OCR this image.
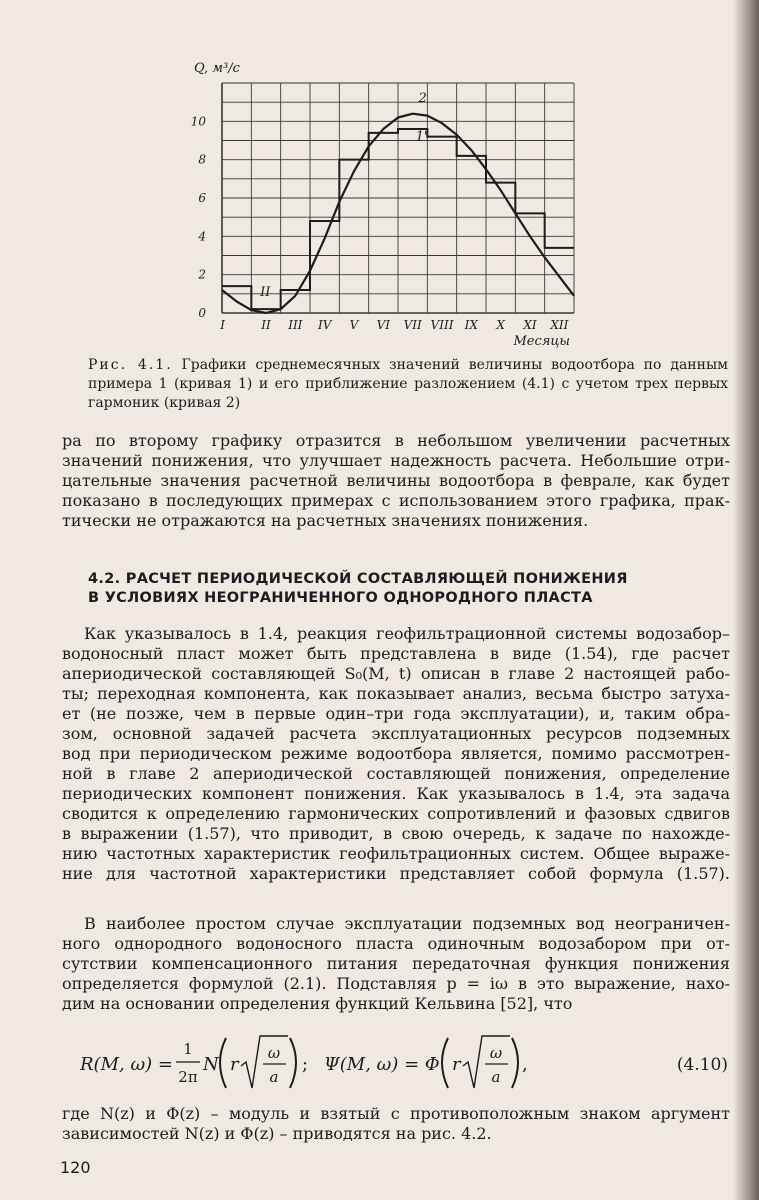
0
2
4
6
8
10
Q, м³/с
I	II III IV V VI VII VIII IX X XI XII
Месяцы
2
1'
II
Рис. 4.1. Графики среднемесячных значений величины водоотбора по данным примера 1 (кривая 1) и его приближение разложением (4.1) с учетом трех первых гармоник (кривая 2)
ра по второму графику отразится в небольшом увеличении расчетных
значений понижения, что улучшает надежность расчета. Небольшие отри-
цательные значения расчетной величины водоотбора в феврале, как будет
показано в последующих примерах с использованием этого графика, прак-
тически не отражаются на расчетных значениях понижения.
4.2. РАСЧЕТ ПЕРИОДИЧЕСКОЙ СОСТАВЛЯЮЩЕЙ ПОНИЖЕНИЯ
В УСЛОВИЯХ НЕОГРАНИЧЕННОГО ОДНОРОДНОГО ПЛАСТА
Как указывалось в 1.4, реакция геофильтрационной системы водозабор–
водоносный пласт может быть представлена в виде (1.54), где расчет
апериодической составляющей S₀(M, t) описан в главе 2 настоящей рабо-
ты; переходная компонента, как показывает анализ, весьма быстро затуха-
ет (не позже, чем в первые один–три года эксплуатации), и, таким обра-
зом, основной задачей расчета эксплуатационных ресурсов подземных
вод при периодическом режиме водоотбора является, помимо рассмотрен-
ной в главе 2 апериодической составляющей понижения, определение
периодических компонент понижения. Как указывалось в 1.4, эта задача
сводится к определению гармонических сопротивлений и фазовых сдвигов
в выражении (1.57), что приводит, в свою очередь, к задаче по нахожде-
нию частотных характеристик геофильтрационных систем. Общее выраже-
ние для частотной характеристики представляет собой формула (1.57).
В наиболее простом случае эксплуатации подземных вод неограничен-
ного однородного водоносного пласта одиночным водозабором при от-
сутствии компенсационного питания передаточная функция понижения
определяется формулой (2.1). Подставляя p = iω в это выражение, нахо-
дим на основании определения функций Кельвина [52], что
R(M, ω) =
1
2π
N r
ω
a
; Ψ(M, ω) = Φ r
ω
a
,	(4.10)
где N(z) и Φ(z) – модуль и взятый с противоположным знаком аргумент
зависимостей N(z) и Φ(z) – приводятся на рис. 4.2.
120
